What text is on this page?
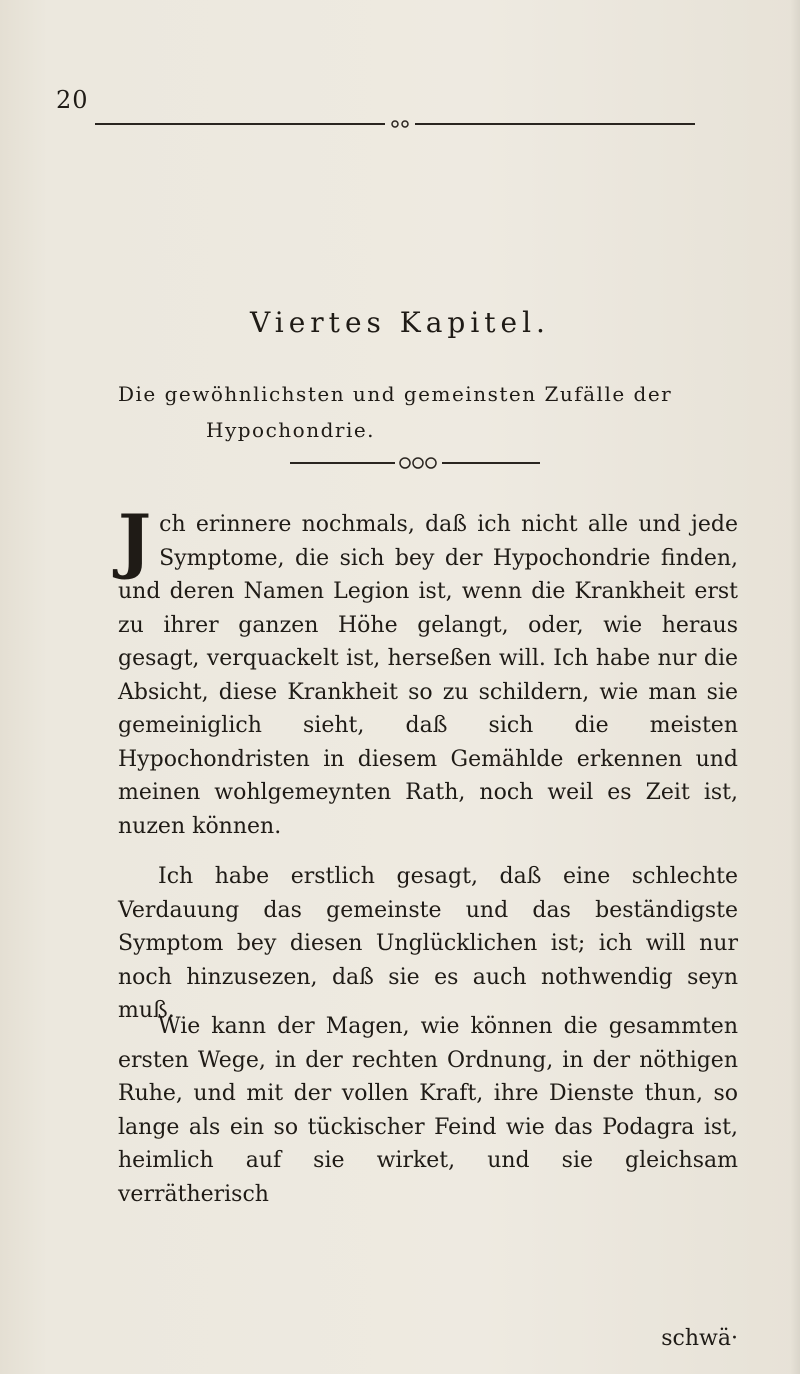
20
Viertes Kapitel.
Die gewöhnlichsten und gemeinsten Zufälle der
Hypochondrie.
J ch erinnere nochmals, daß ich nicht alle und jede Symptome, die sich bey der Hypochondrie finden, und deren Namen Legion ist, wenn die Krankheit erst zu ihrer ganzen Höhe gelangt, oder, wie heraus gesagt, verquackelt ist, herseßen will. Ich habe nur die Absicht, diese Krankheit so zu schildern, wie man sie gemeiniglich sieht, daß sich die meisten Hypochondristen in diesem Gemählde erkennen und meinen wohlgemeynten Rath, noch weil es Zeit ist, nuzen können.
Ich habe erstlich gesagt, daß eine schlechte Verdauung das gemeinste und das beständigste Symptom bey diesen Unglücklichen ist; ich will nur noch hinzusezen, daß sie es auch nothwendig seyn muß.
Wie kann der Magen, wie können die gesammten ersten Wege, in der rechten Ordnung, in der nöthigen Ruhe, und mit der vollen Kraft, ihre Dienste thun, so lange als ein so tückischer Feind wie das Podagra ist, heimlich auf sie wirket, und sie gleichsam verrätherisch
schwä·
